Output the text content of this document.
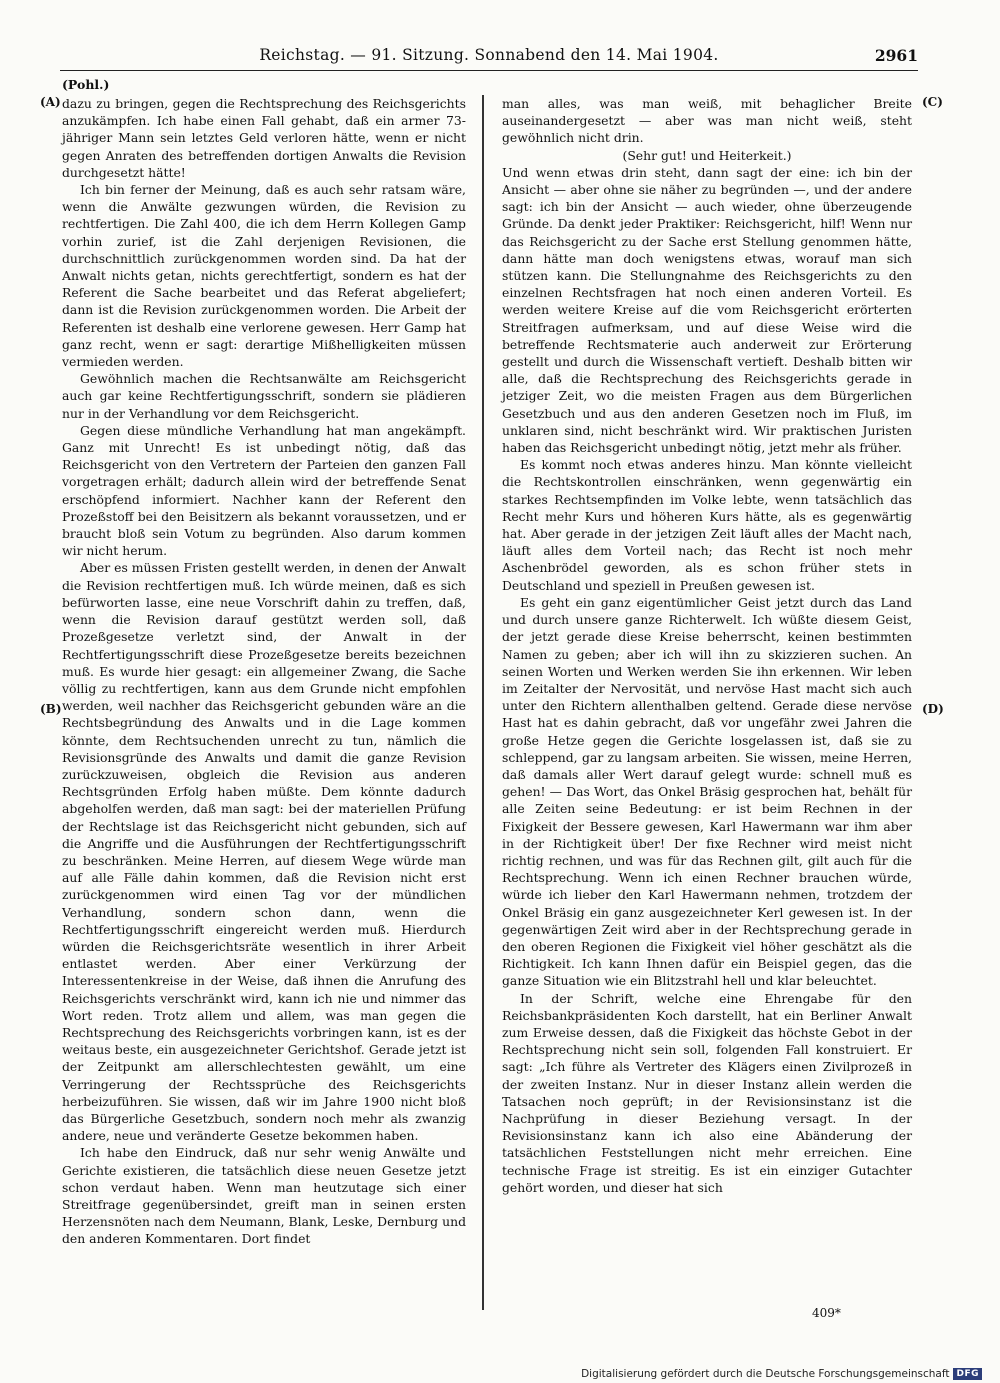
Reichstag. — 91. Sitzung. Sonnabend den 14. Mai 1904.	2961
(Pohl.)
(A)
(B)
(C)
(D)

dazu zu bringen, gegen die Rechtsprechung des Reichsgerichts anzukämpfen. Ich habe einen Fall gehabt, daß ein armer 73-jähriger Mann sein letztes Geld verloren hätte, wenn er nicht gegen Anraten des betreffenden dortigen Anwalts die Revision durchgesetzt hätte!

Ich bin ferner der Meinung, daß es auch sehr ratsam wäre, wenn die Anwälte gezwungen würden, die Revision zu rechtfertigen. Die Zahl 400, die ich dem Herrn Kollegen Gamp vorhin zurief, ist die Zahl derjenigen Revisionen, die durchschnittlich zurückgenommen worden sind. Da hat der Anwalt nichts getan, nichts gerechtfertigt, sondern es hat der Referent die Sache bearbeitet und das Referat abgeliefert; dann ist die Revision zurückgenommen worden. Die Arbeit der Referenten ist deshalb eine verlorene gewesen. Herr Gamp hat ganz recht, wenn er sagt: derartige Mißhelligkeiten müssen vermieden werden.

Gewöhnlich machen die Rechtsanwälte am Reichsgericht auch gar keine Rechtfertigungsschrift, sondern sie plädieren nur in der Verhandlung vor dem Reichsgericht.

Gegen diese mündliche Verhandlung hat man angekämpft. Ganz mit Unrecht! Es ist unbedingt nötig, daß das Reichsgericht von den Vertretern der Parteien den ganzen Fall vorgetragen erhält; dadurch allein wird der betreffende Senat erschöpfend informiert. Nachher kann der Referent den Prozeßstoff bei den Beisitzern als bekannt voraussetzen, und er braucht bloß sein Votum zu begründen. Also darum kommen wir nicht herum.

Aber es müssen Fristen gestellt werden, in denen der Anwalt die Revision rechtfertigen muß. Ich würde meinen, daß es sich befürworten lasse, eine neue Vorschrift dahin zu treffen, daß, wenn die Revision darauf gestützt werden soll, daß Prozeßgesetze verletzt sind, der Anwalt in der Rechtfertigungsschrift diese Prozeßgesetze bereits bezeichnen muß. Es wurde hier gesagt: ein allgemeiner Zwang, die Sache völlig zu rechtfertigen, kann aus dem Grunde nicht empfohlen werden, weil nachher das Reichsgericht gebunden wäre an die Rechtsbegründung des Anwalts und in die Lage kommen könnte, dem Rechtsuchenden unrecht zu tun, nämlich die Revisionsgründe des Anwalts und damit die ganze Revision zurückzuweisen, obgleich die Revision aus anderen Rechtsgründen Erfolg haben müßte. Dem könnte dadurch abgeholfen werden, daß man sagt: bei der materiellen Prüfung der Rechtslage ist das Reichsgericht nicht gebunden, sich auf die Angriffe und die Ausführungen der Rechtfertigungsschrift zu beschränken. Meine Herren, auf diesem Wege würde man auf alle Fälle dahin kommen, daß die Revision nicht erst zurückgenommen wird einen Tag vor der mündlichen Verhandlung, sondern schon dann, wenn die Rechtfertigungsschrift eingereicht werden muß. Hierdurch würden die Reichsgerichtsräte wesentlich in ihrer Arbeit entlastet werden. Aber einer Verkürzung der Interessentenkreise in der Weise, daß ihnen die Anrufung des Reichsgerichts verschränkt wird, kann ich nie und nimmer das Wort reden. Trotz allem und allem, was man gegen die Rechtsprechung des Reichsgerichts vorbringen kann, ist es der weitaus beste, ein ausgezeichneter Gerichtshof. Gerade jetzt ist der Zeitpunkt am allerschlechtesten gewählt, um eine Verringerung der Rechtssprüche des Reichsgerichts herbeizuführen. Sie wissen, daß wir im Jahre 1900 nicht bloß das Bürgerliche Gesetzbuch, sondern noch mehr als zwanzig andere, neue und veränderte Gesetze bekommen haben.

Ich habe den Eindruck, daß nur sehr wenig Anwälte und Gerichte existieren, die tatsächlich diese neuen Gesetze jetzt schon verdaut haben. Wenn man heutzutage sich einer Streitfrage gegenübersindet, greift man in seinen ersten Herzensnöten nach dem Neumann, Blank, Leske, Dernburg und den anderen Kommentaren. Dort findet

man alles, was man weiß, mit behaglicher Breite auseinandergesetzt — aber was man nicht weiß, steht gewöhnlich nicht drin.

(Sehr gut! und Heiterkeit.)

Und wenn etwas drin steht, dann sagt der eine: ich bin der Ansicht — aber ohne sie näher zu begründen —, und der andere sagt: ich bin der Ansicht — auch wieder, ohne überzeugende Gründe. Da denkt jeder Praktiker: Reichsgericht, hilf! Wenn nur das Reichsgericht zu der Sache erst Stellung genommen hätte, dann hätte man doch wenigstens etwas, worauf man sich stützen kann. Die Stellungnahme des Reichsgerichts zu den einzelnen Rechtsfragen hat noch einen anderen Vorteil. Es werden weitere Kreise auf die vom Reichsgericht erörterten Streitfragen aufmerksam, und auf diese Weise wird die betreffende Rechtsmaterie auch anderweit zur Erörterung gestellt und durch die Wissenschaft vertieft. Deshalb bitten wir alle, daß die Rechtsprechung des Reichsgerichts gerade in jetziger Zeit, wo die meisten Fragen aus dem Bürgerlichen Gesetzbuch und aus den anderen Gesetzen noch im Fluß, im unklaren sind, nicht beschränkt wird. Wir praktischen Juristen haben das Reichsgericht unbedingt nötig, jetzt mehr als früher.

Es kommt noch etwas anderes hinzu. Man könnte vielleicht die Rechtskontrollen einschränken, wenn gegenwärtig ein starkes Rechtsempfinden im Volke lebte, wenn tatsächlich das Recht mehr Kurs und höheren Kurs hätte, als es gegenwärtig hat. Aber gerade in der jetzigen Zeit läuft alles der Macht nach, läuft alles dem Vorteil nach; das Recht ist noch mehr Aschenbrödel geworden, als es schon früher stets in Deutschland und speziell in Preußen gewesen ist.

Es geht ein ganz eigentümlicher Geist jetzt durch das Land und durch unsere ganze Richterwelt. Ich wüßte diesem Geist, der jetzt gerade diese Kreise beherrscht, keinen bestimmten Namen zu geben; aber ich will ihn zu skizzieren suchen. An seinen Worten und Werken werden Sie ihn erkennen. Wir leben im Zeitalter der Nervosität, und nervöse Hast macht sich auch unter den Richtern allenthalben geltend. Gerade diese nervöse Hast hat es dahin gebracht, daß vor ungefähr zwei Jahren die große Hetze gegen die Gerichte losgelassen ist, daß sie zu schleppend, gar zu langsam arbeiten. Sie wissen, meine Herren, daß damals aller Wert darauf gelegt wurde: schnell muß es gehen! — Das Wort, das Onkel Bräsig gesprochen hat, behält für alle Zeiten seine Bedeutung: er ist beim Rechnen in der Fixigkeit der Bessere gewesen, Karl Hawermann war ihm aber in der Richtigkeit über! Der fixe Rechner wird meist nicht richtig rechnen, und was für das Rechnen gilt, gilt auch für die Rechtsprechung. Wenn ich einen Rechner brauchen würde, würde ich lieber den Karl Hawermann nehmen, trotzdem der Onkel Bräsig ein ganz ausgezeichneter Kerl gewesen ist. In der gegenwärtigen Zeit wird aber in der Rechtsprechung gerade in den oberen Regionen die Fixigkeit viel höher geschätzt als die Richtigkeit. Ich kann Ihnen dafür ein Beispiel gegen, das die ganze Situation wie ein Blitzstrahl hell und klar beleuchtet.

In der Schrift, welche eine Ehrengabe für den Reichsbankpräsidenten Koch darstellt, hat ein Berliner Anwalt zum Erweise dessen, daß die Fixigkeit das höchste Gebot in der Rechtsprechung nicht sein soll, folgenden Fall konstruiert. Er sagt: „Ich führe als Vertreter des Klägers einen Zivilprozeß in der zweiten Instanz. Nur in dieser Instanz allein werden die Tatsachen noch geprüft; in der Revisionsinstanz ist die Nachprüfung in dieser Beziehung versagt. In der Revisionsinstanz kann ich also eine Abänderung der tatsächlichen Feststellungen nicht mehr erreichen. Eine technische Frage ist streitig. Es ist ein einziger Gutachter gehört worden, und dieser hat sich

409*
Digitalisierung gefördert durch die Deutsche Forschungsgemeinschaft DFG
